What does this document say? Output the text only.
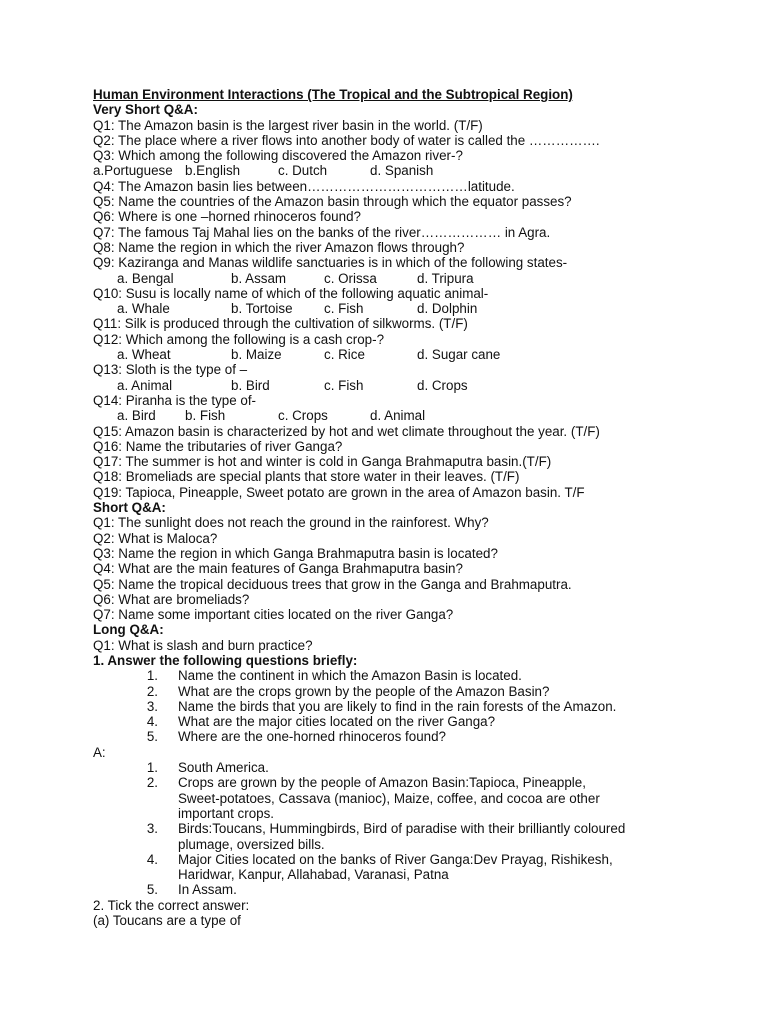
Human Environment Interactions (The Tropical and the Subtropical Region)
Very Short Q&A:
Q1: The Amazon basin is the largest river basin in the world. (T/F)
Q2: The place where a river flows into another body of water is called the …………….
Q3: Which among the following discovered the Amazon river-?
a.Portuguese b.English	c. Dutch	d. Spanish
Q4: The Amazon basin lies between………………………………latitude.
Q5: Name the countries of the Amazon basin through which the equator passes?
Q6: Where is one –horned rhinoceros found?
Q7: The famous Taj Mahal lies on the banks of the river……………… in Agra.
Q8: Name the region in which the river Amazon flows through?
Q9: Kaziranga and Manas wildlife sanctuaries is in which of the following states-
a. Bengal	b. Assam	c. Orissa	d. Tripura
Q10: Susu is locally name of which of the following aquatic animal-
a. Whale	b. Tortoise c. Fish	d. Dolphin
Q11: Silk is produced through the cultivation of silkworms. (T/F)
Q12: Which among the following is a cash crop-?
a. Wheat	b. Maize	c. Rice	d. Sugar cane
Q13: Sloth is the type of –
a. Animal	b. Bird	c. Fish	d. Crops
Q14: Piranha is the type of-
a. Bird b. Fish	c. Crops	d. Animal
Q15: Amazon basin is characterized by hot and wet climate throughout the year. (T/F)
Q16: Name the tributaries of river Ganga?
Q17: The summer is hot and winter is cold in Ganga Brahmaputra basin.(T/F)
Q18: Bromeliads are special plants that store water in their leaves. (T/F)
Q19: Tapioca, Pineapple, Sweet potato are grown in the area of Amazon basin. T/F
Short Q&A:
Q1: The sunlight does not reach the ground in the rainforest. Why?
Q2: What is Maloca?
Q3: Name the region in which Ganga Brahmaputra basin is located?
Q4: What are the main features of Ganga Brahmaputra basin?
Q5: Name the tropical deciduous trees that grow in the Ganga and Brahmaputra.
Q6: What are bromeliads?
Q7: Name some important cities located on the river Ganga?
Long Q&A:
Q1: What is slash and burn practice?
1. Answer the following questions briefly:
1. Name the continent in which the Amazon Basin is located.
2. What are the crops grown by the people of the Amazon Basin?
3. Name the birds that you are likely to find in the rain forests of the Amazon.
4. What are the major cities located on the river Ganga?
5. Where are the one-horned rhinoceros found?
A:
1. South America.
2. Crops are grown by the people of Amazon Basin:Tapioca, Pineapple,
Sweet-potatoes, Cassava (manioc), Maize, coffee, and cocoa are other
important crops.
3. Birds:Toucans, Hummingbirds, Bird of paradise with their brilliantly coloured
plumage, oversized bills.
4. Major Cities located on the banks of River Ganga:Dev Prayag, Rishikesh,
Haridwar, Kanpur, Allahabad, Varanasi, Patna
5. In Assam.
2. Tick the correct answer:
(a) Toucans are a type of
